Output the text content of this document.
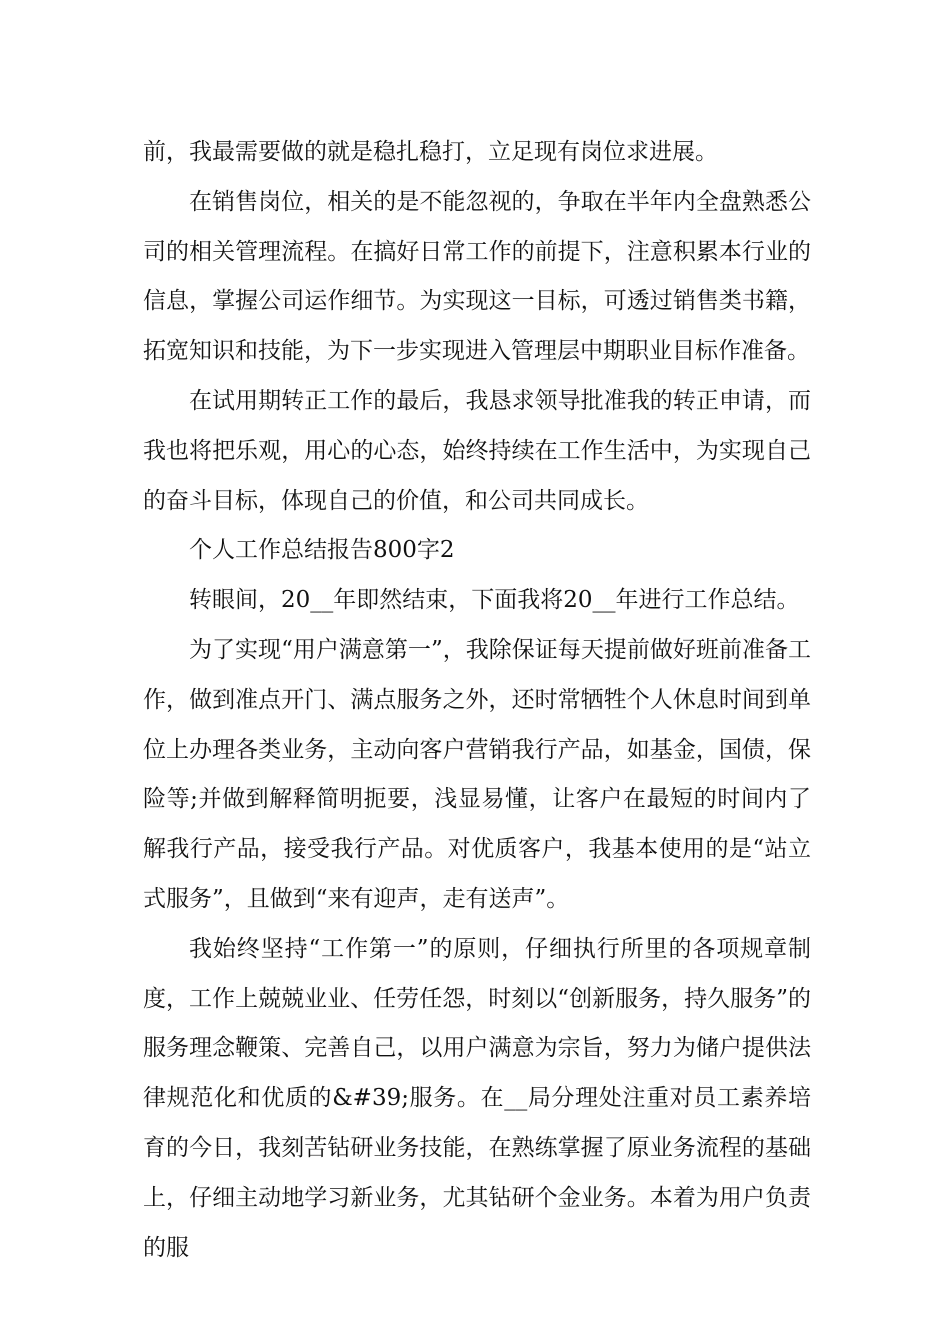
前，我最需要做的就是稳扎稳打，立足现有岗位求进展。

在销售岗位，相关的是不能忽视的，争取在半年内全盘熟悉公司的相关管理流程。在搞好日常工作的前提下，注意积累本行业的信息，掌握公司运作细节。为实现这一目标，可透过销售类书籍，拓宽知识和技能，为下一步实现进入管理层中期职业目标作准备。

在试用期转正工作的最后，我恳求领导批准我的转正申请，而我也将把乐观，用心的心态，始终持续在工作生活中，为实现自己的奋斗目标，体现自己的价值，和公司共同成长。

个人工作总结报告800字2

转眼间，20__年即然结束，下面我将20__年进行工作总结。

为了实现“用户满意第一”，我除保证每天提前做好班前准备工作，做到准点开门、满点服务之外，还时常牺牲个人休息时间到单位上办理各类业务，主动向客户营销我行产品，如基金，国债，保险等;并做到解释简明扼要，浅显易懂，让客户在最短的时间内了解我行产品，接受我行产品。对优质客户，我基本使用的是“站立式服务”，且做到“来有迎声，走有送声”。

我始终坚持“工作第一”的原则，仔细执行所里的各项规章制度，工作上兢兢业业、任劳任怨，时刻以“创新服务，持久服务”的服务理念鞭策、完善自己，以用户满意为宗旨，努力为储户提供法律规范化和优质的&#39;服务。在__局分理处注重对员工素养培育的今日，我刻苦钻研业务技能，在熟练掌握了原业务流程的基础上，仔细主动地学习新业务，尤其钻研个金业务。本着为用户负责的服
